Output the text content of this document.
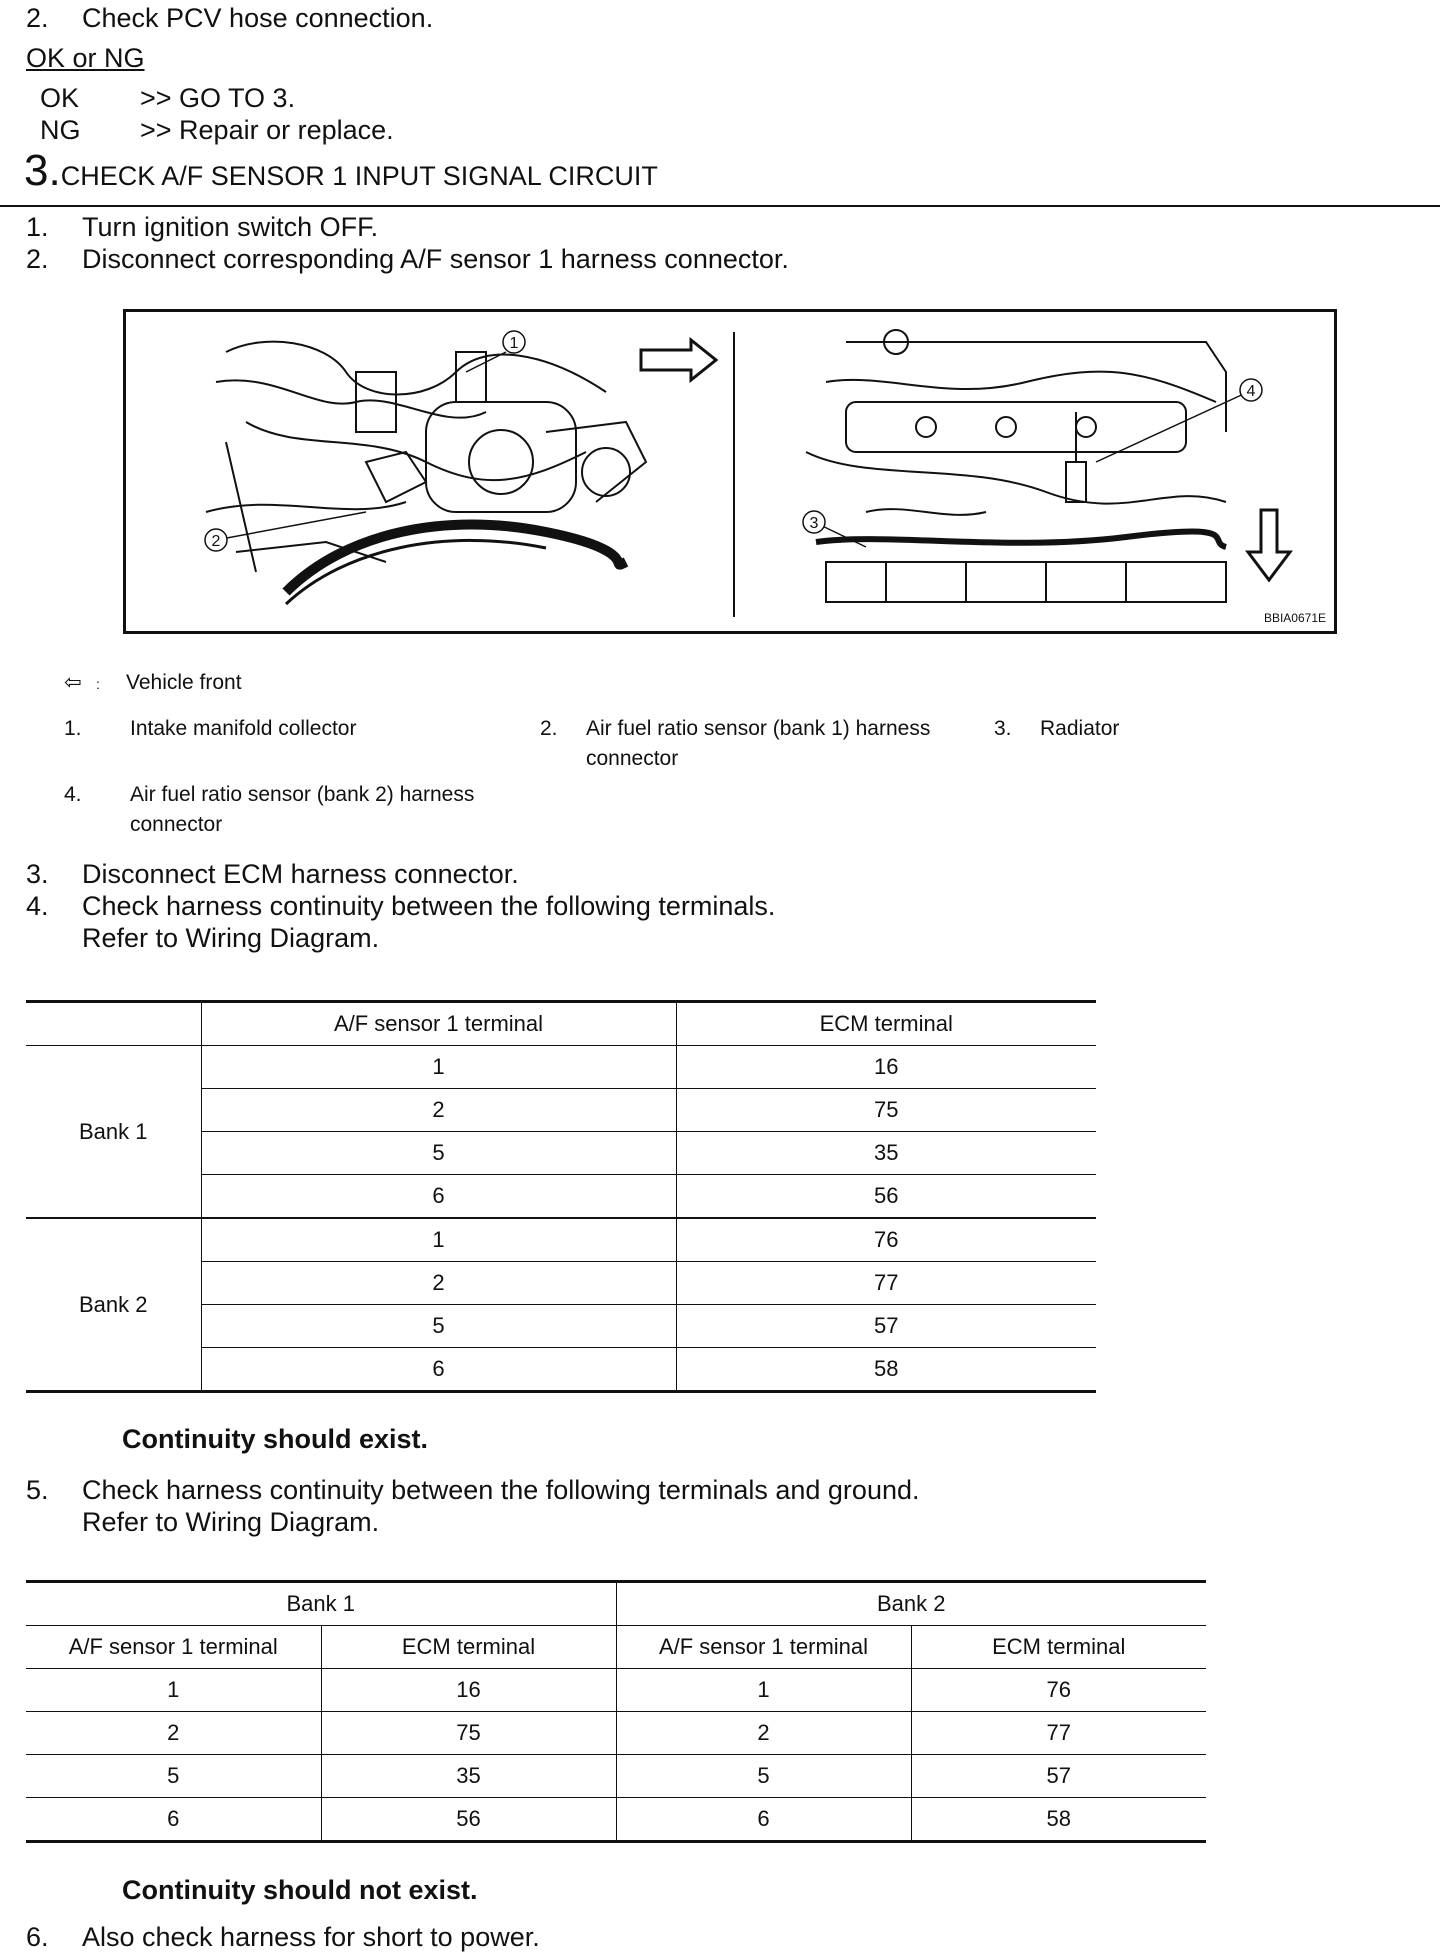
2. Check PCV hose connection.
OK or NG
OK >> GO TO 3.
NG >> Repair or replace.
3.CHECK A/F SENSOR 1 INPUT SIGNAL CIRCUIT
1. Turn ignition switch OFF.
2. Disconnect corresponding A/F sensor 1 harness connector.
1
2
3
4
BBIA0671E
⇦ : Vehicle front
1. Intake manifold collector	2.	Air fuel ratio sensor (bank 1) harness connector
3. Radiator
4.	Air fuel ratio sensor (bank 2) harness connector
3. Disconnect ECM harness connector.
4. Check harness continuity between the following terminals.
Refer to Wiring Diagram.
	A/F sensor 1 terminal	ECM terminal
Bank 1	1	16
	2	75
	5	35
	6	56
Bank 2	1	76
	2	77
	5	57
	6	58
Continuity should exist.
5. Check harness continuity between the following terminals and ground.
Refer to Wiring Diagram.
Bank 1		Bank 2	
A/F sensor 1 terminal	ECM terminal	A/F sensor 1 terminal	ECM terminal
1	16	1	76
2	75	2	77
5	35	5	57
6	56	6	58
Continuity should not exist.
6. Also check harness for short to power.
